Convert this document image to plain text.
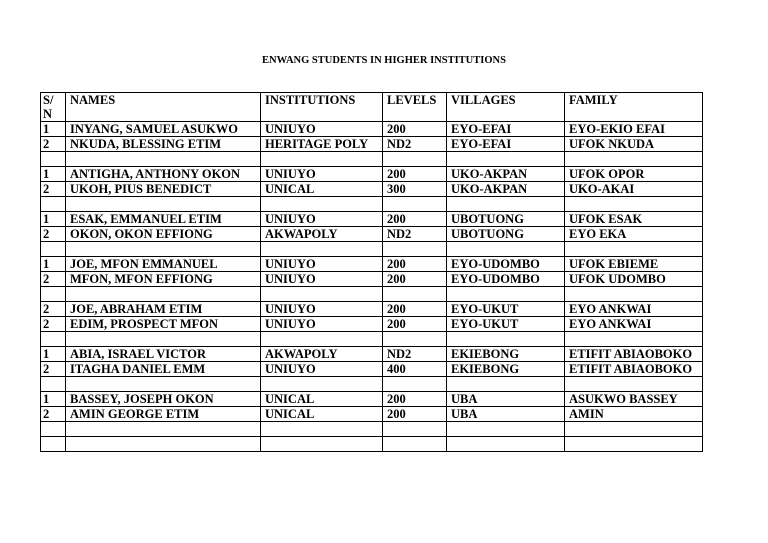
ENWANG STUDENTS IN HIGHER INSTITUTIONS
S/ N	NAMES	INSTITUTIONS	LEVELS	VILLAGES	FAMILY
1	INYANG, SAMUEL ASUKWO	UNIUYO	200	EYO-EFAI	EYO-EKIO EFAI
2	NKUDA, BLESSING ETIM	HERITAGE POLY	ND2	EYO-EFAI	UFOK NKUDA

1	ANTIGHA, ANTHONY OKON	UNIUYO	200	UKO-AKPAN	UFOK OPOR
2	UKOH, PIUS BENEDICT	UNICAL	300	UKO-AKPAN	UKO-AKAI

1	ESAK, EMMANUEL ETIM	UNIUYO	200	UBOTUONG	UFOK ESAK
2	OKON, OKON EFFIONG	AKWAPOLY	ND2	UBOTUONG	EYO EKA

1	JOE, MFON EMMANUEL	UNIUYO	200	EYO-UDOMBO	UFOK EBIEME
2	MFON, MFON EFFIONG	UNIUYO	200	EYO-UDOMBO	UFOK UDOMBO

2	JOE, ABRAHAM ETIM	UNIUYO	200	EYO-UKUT	EYO ANKWAI
2	EDIM, PROSPECT MFON	UNIUYO	200	EYO-UKUT	EYO ANKWAI

1	ABIA, ISRAEL VICTOR	AKWAPOLY	ND2	EKIEBONG	ETIFIT ABIAOBOKO
2	ITAGHA DANIEL EMM	UNIUYO	400	EKIEBONG	ETIFIT ABIAOBOKO

1	BASSEY, JOSEPH OKON	UNICAL	200	UBA	ASUKWO BASSEY
2	AMIN GEORGE ETIM	UNICAL	200	UBA	AMIN
